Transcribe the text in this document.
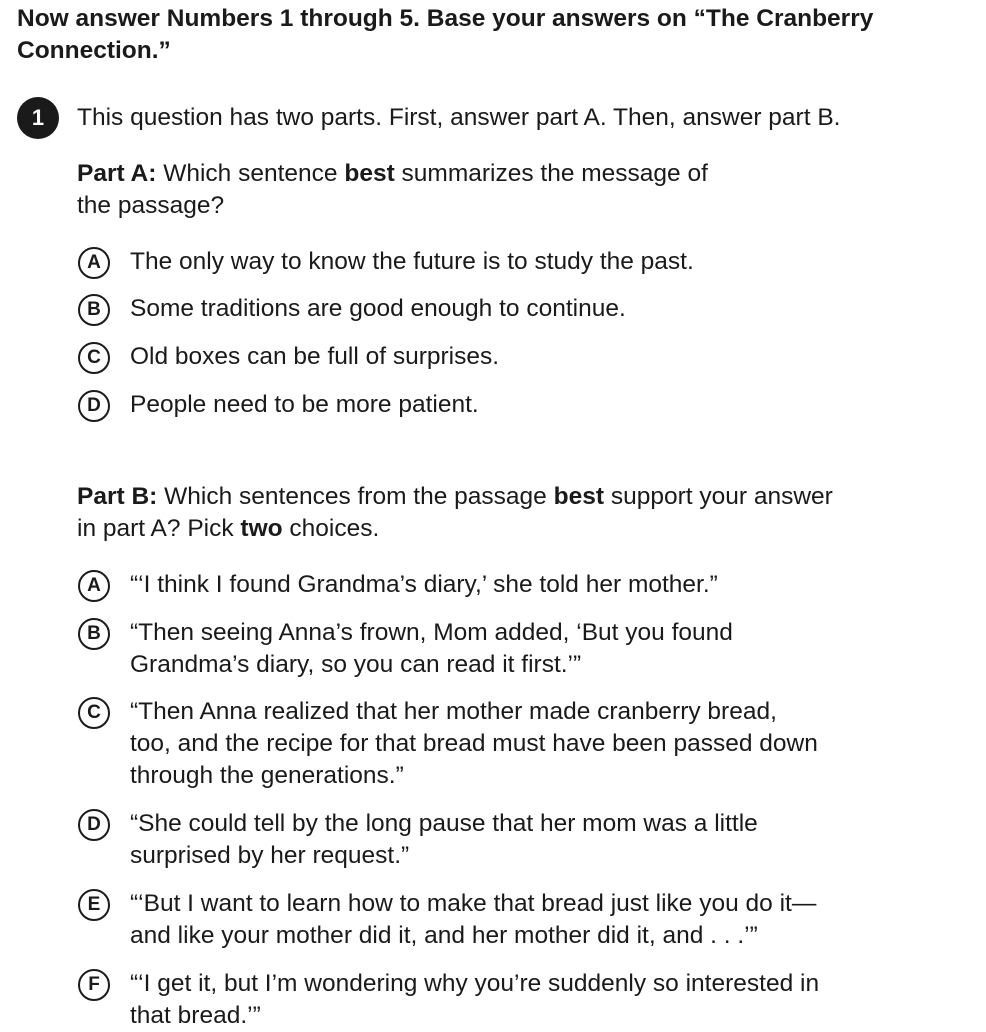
Now answer Numbers 1 through 5. Base your answers on “The Cranberry
Connection.”
1	This question has two parts. First, answer part A. Then, answer part B.
Part A: Which sentence best summarizes the message of
the passage?
A	The only way to know the future is to study the past.
B	Some traditions are good enough to continue.
C	Old boxes can be full of surprises.
D	People need to be more patient.
Part B: Which sentences from the passage best support your answer
in part A? Pick two choices.
A	“‘I think I found Grandma’s diary,’ she told her mother.”
B	“Then seeing Anna’s frown, Mom added, ‘But you found
Grandma’s diary, so you can read it first.’”
C	“Then Anna realized that her mother made cranberry bread,
too, and the recipe for that bread must have been passed down
through the generations.”
D	“She could tell by the long pause that her mom was a little
surprised by her request.”
E	“‘But I want to learn how to make that bread just like you do it—
and like your mother did it, and her mother did it, and . . .’”
F	“‘I get it, but I’m wondering why you’re suddenly so interested in
that bread.’”
